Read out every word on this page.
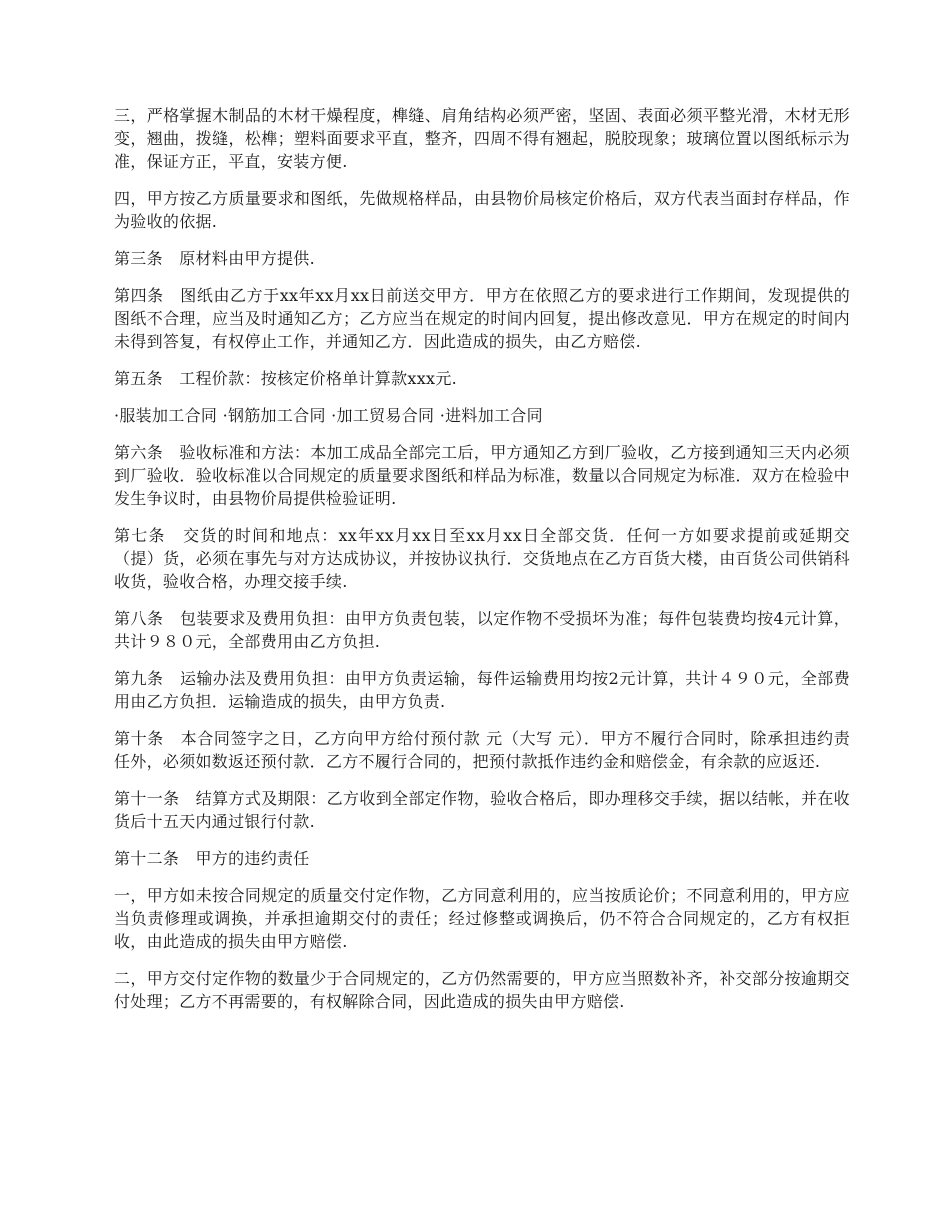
三，严格掌握木制品的木材干燥程度，榫缝、肩角结构必须严密，坚固、表面必须平整光滑，木材无形变，翘曲，拨缝，松榫；塑料面要求平直，整齐，四周不得有翘起，脱胶现象；玻璃位置以图纸标示为准，保证方正，平直，安装方便.

四，甲方按乙方质量要求和图纸，先做规格样品，由县物价局核定价格后，双方代表当面封存样品，作为验收的依据.

第三条　原材料由甲方提供.

第四条　图纸由乙方于xx年xx月xx日前送交甲方．甲方在依照乙方的要求进行工作期间，发现提供的图纸不合理，应当及时通知乙方；乙方应当在规定的时间内回复，提出修改意见．甲方在规定的时间内未得到答复，有权停止工作，并通知乙方．因此造成的损失，由乙方赔偿.

第五条　工程价款：按核定价格单计算款xxx元.

·服装加工合同 ·钢筋加工合同 ·加工贸易合同 ·进料加工合同

第六条　验收标准和方法：本加工成品全部完工后，甲方通知乙方到厂验收，乙方接到通知三天内必须到厂验收．验收标准以合同规定的质量要求图纸和样品为标准，数量以合同规定为标准．双方在检验中发生争议时，由县物价局提供检验证明.

第七条　交货的时间和地点：xx年xx月xx日至xx月xx日全部交货．任何一方如要求提前或延期交（提）货，必须在事先与对方达成协议，并按协议执行．交货地点在乙方百货大楼，由百货公司供销科收货，验收合格，办理交接手续.

第八条　包装要求及费用负担：由甲方负责包装，以定作物不受损坏为准；每件包装费均按4元计算，共计９８０元，全部费用由乙方负担.

第九条　运输办法及费用负担：由甲方负责运输，每件运输费用均按2元计算，共计４９０元，全部费用由乙方负担．运输造成的损失，由甲方负责.

第十条　本合同签字之日，乙方向甲方给付预付款 元（大写 元）．甲方不履行合同时，除承担违约责任外，必须如数返还预付款．乙方不履行合同的，把预付款抵作违约金和赔偿金，有余款的应返还.

第十一条　结算方式及期限：乙方收到全部定作物，验收合格后，即办理移交手续，据以结帐，并在收货后十五天内通过银行付款.

第十二条　甲方的违约责任

一，甲方如未按合同规定的质量交付定作物，乙方同意利用的，应当按质论价；不同意利用的，甲方应当负责修理或调换，并承担逾期交付的责任；经过修整或调换后，仍不符合合同规定的，乙方有权拒收，由此造成的损失由甲方赔偿.

二，甲方交付定作物的数量少于合同规定的，乙方仍然需要的，甲方应当照数补齐，补交部分按逾期交付处理；乙方不再需要的，有权解除合同，因此造成的损失由甲方赔偿.
